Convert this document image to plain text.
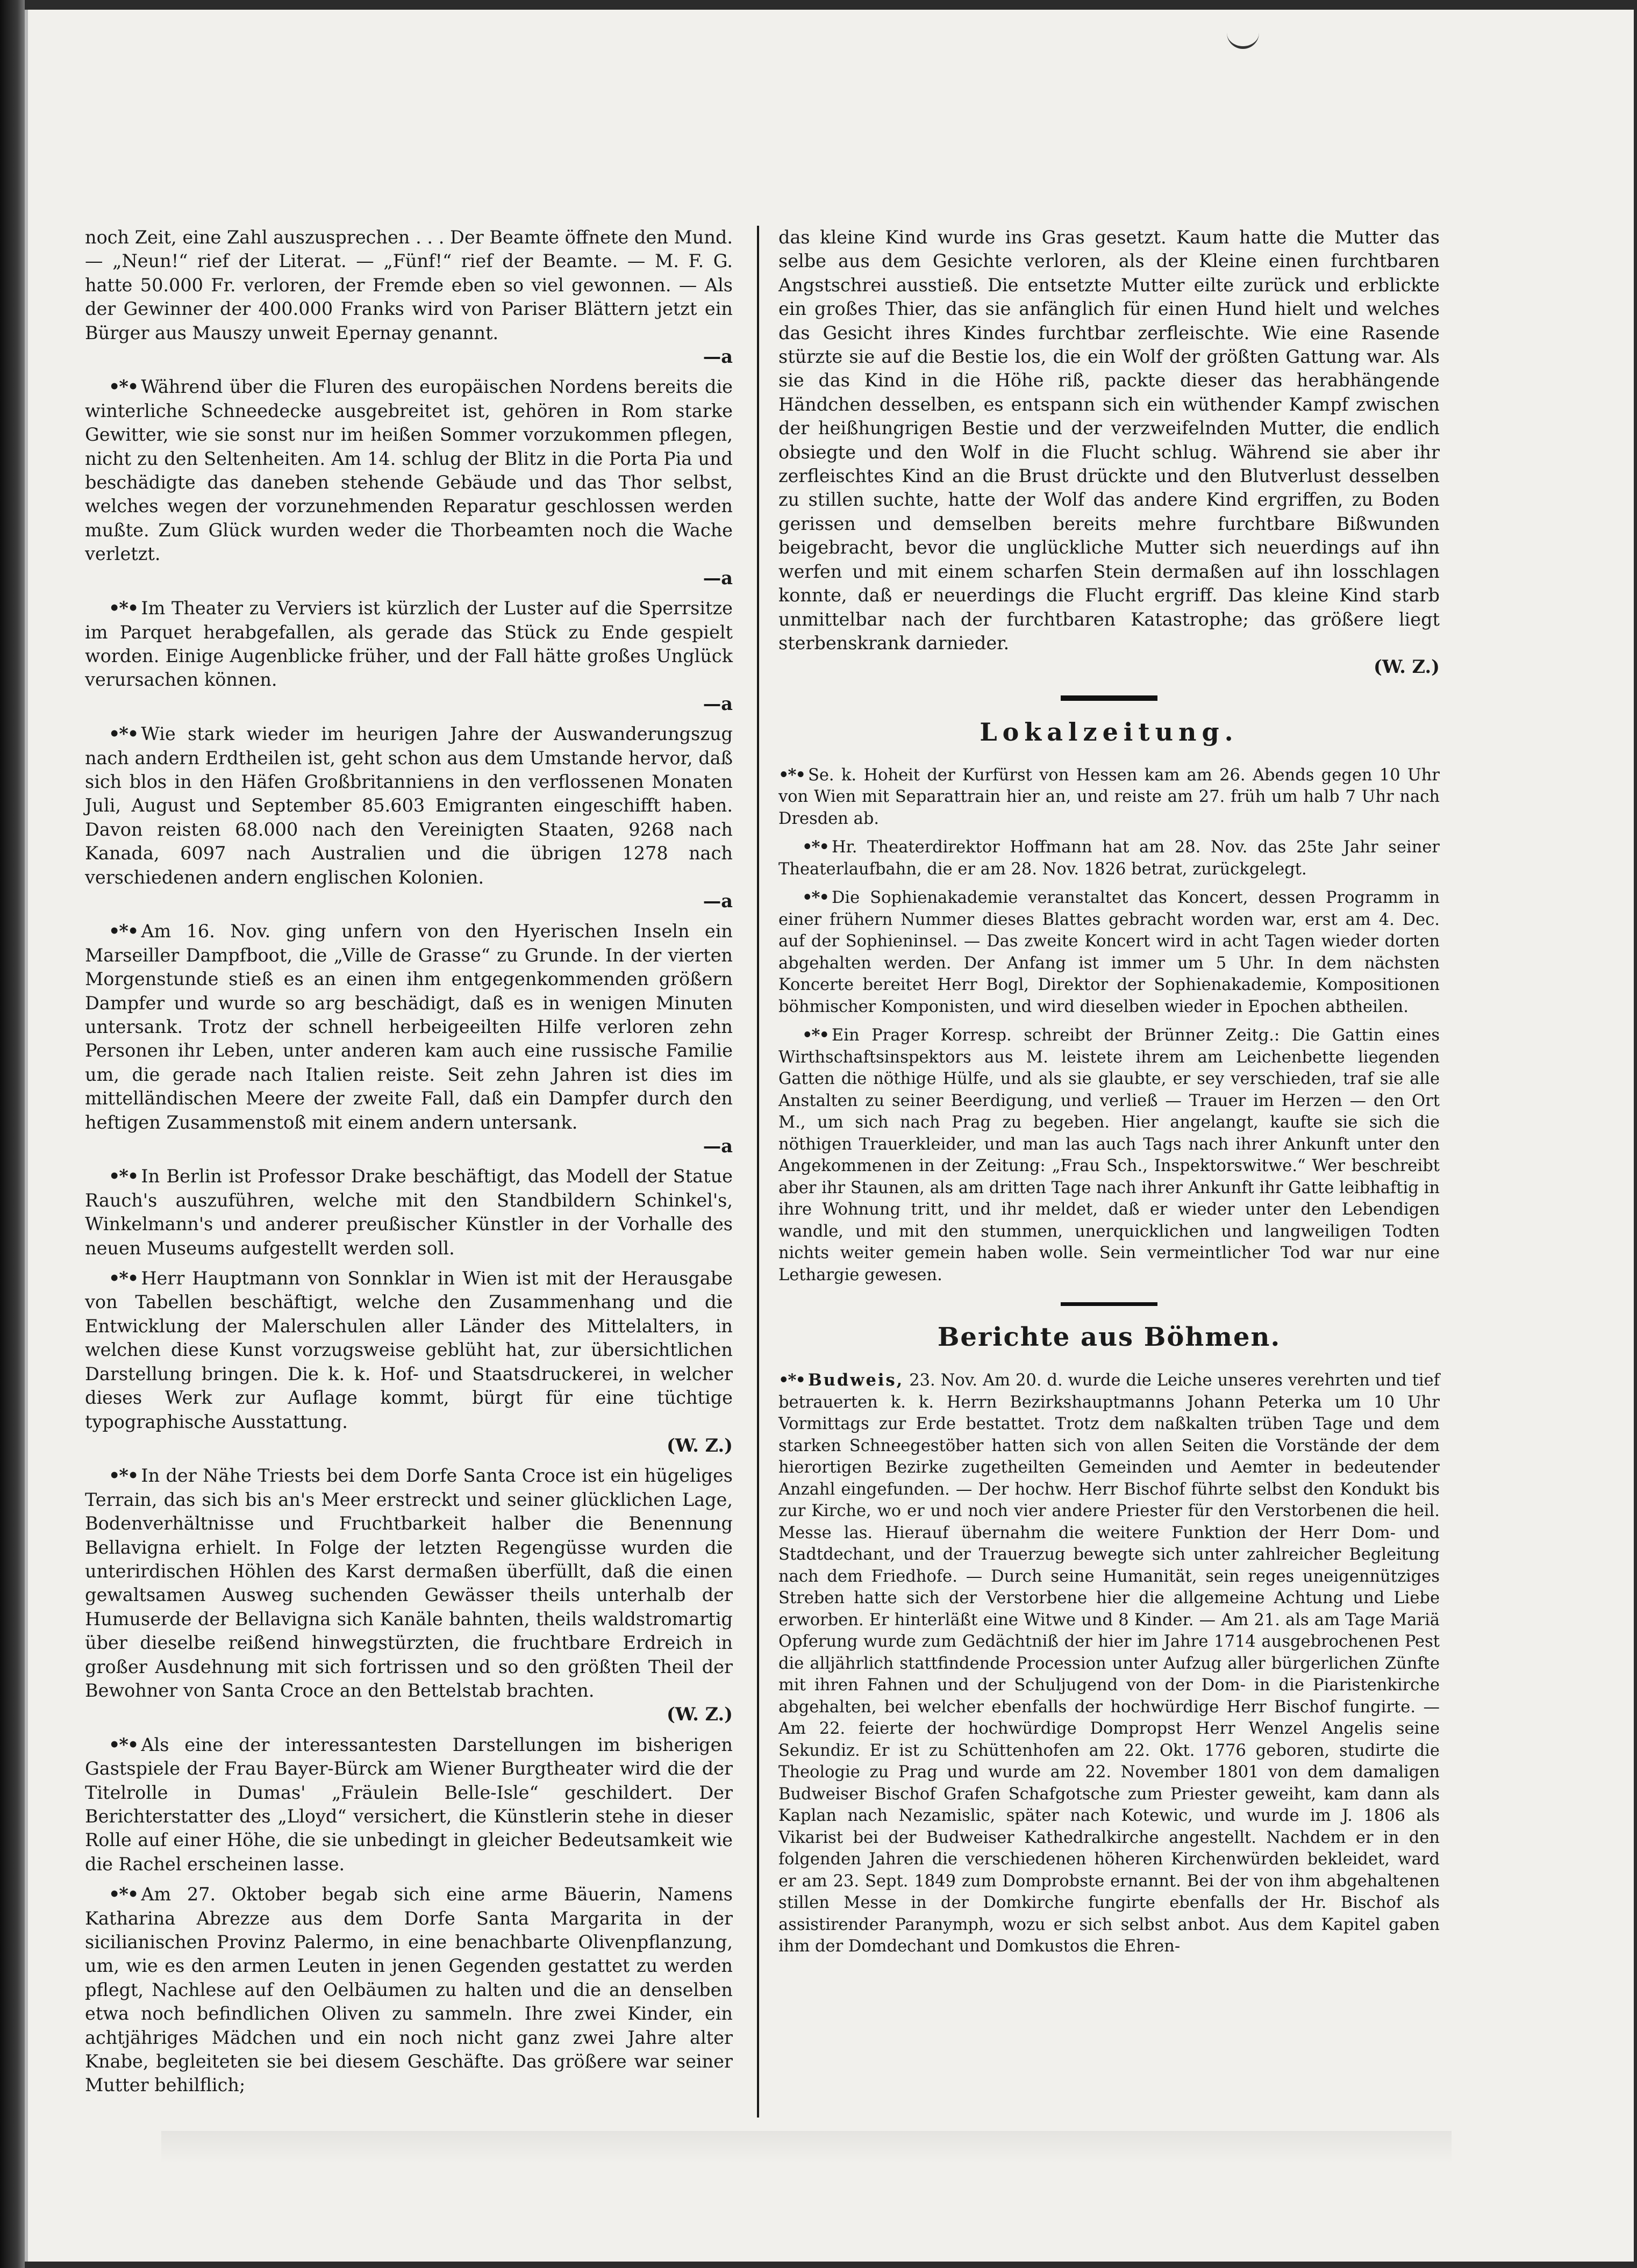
noch Zeit, eine Zahl auszusprechen . . . Der Beamte öffnete den Mund. — „Neun!“ rief der Literat. — „Fünf!“ rief der Beamte. — M. F. G. hatte 50.000 Fr. verloren, der Fremde eben so viel gewonnen. — Als der Gewinner der 400.000 Franks wird von Pariser Blättern jetzt ein Bürger aus Mauszy unweit Epernay genannt.
—a
•*• Während über die Fluren des europäischen Nordens bereits die winterliche Schneedecke ausgebreitet ist, gehören in Rom starke Gewitter, wie sie sonst nur im heißen Sommer vorzukommen pflegen, nicht zu den Seltenheiten. Am 14. schlug der Blitz in die Porta Pia und beschädigte das daneben stehende Gebäude und das Thor selbst, welches wegen der vorzunehmenden Reparatur geschlossen werden mußte. Zum Glück wurden weder die Thorbeamten noch die Wache verletzt.
—a
•*• Im Theater zu Verviers ist kürzlich der Luster auf die Sperrsitze im Parquet herabgefallen, als gerade das Stück zu Ende gespielt worden. Einige Augenblicke früher, und der Fall hätte großes Unglück verursachen können.
—a
•*• Wie stark wieder im heurigen Jahre der Auswanderungszug nach andern Erdtheilen ist, geht schon aus dem Umstande hervor, daß sich blos in den Häfen Großbritanniens in den verflossenen Monaten Juli, August und September 85.603 Emigranten eingeschifft haben. Davon reisten 68.000 nach den Vereinigten Staaten, 9268 nach Kanada, 6097 nach Australien und die übrigen 1278 nach verschiedenen andern englischen Kolonien.
—a
•*• Am 16. Nov. ging unfern von den Hyerischen Inseln ein Marseiller Dampfboot, die „Ville de Grasse“ zu Grunde. In der vierten Morgenstunde stieß es an einen ihm entgegenkommenden größern Dampfer und wurde so arg beschädigt, daß es in wenigen Minuten untersank. Trotz der schnell herbeigeeilten Hilfe verloren zehn Personen ihr Leben, unter anderen kam auch eine russische Familie um, die gerade nach Italien reiste. Seit zehn Jahren ist dies im mittelländischen Meere der zweite Fall, daß ein Dampfer durch den heftigen Zusammenstoß mit einem andern untersank.
—a
•*• In Berlin ist Professor Drake beschäftigt, das Modell der Statue Rauch's auszuführen, welche mit den Standbildern Schinkel's, Winkelmann's und anderer preußischer Künstler in der Vorhalle des neuen Museums aufgestellt werden soll.
•*• Herr Hauptmann von Sonnklar in Wien ist mit der Herausgabe von Tabellen beschäftigt, welche den Zusammenhang und die Entwicklung der Malerschulen aller Länder des Mittelalters, in welchen diese Kunst vorzugsweise geblüht hat, zur übersichtlichen Darstellung bringen. Die k. k. Hof- und Staatsdruckerei, in welcher dieses Werk zur Auflage kommt, bürgt für eine tüchtige typographische Ausstattung.
(W. Z.)
•*• In der Nähe Triests bei dem Dorfe Santa Croce ist ein hügeliges Terrain, das sich bis an's Meer erstreckt und seiner glücklichen Lage, Bodenverhältnisse und Fruchtbarkeit halber die Benennung Bellavigna erhielt. In Folge der letzten Regengüsse wurden die unterirdischen Höhlen des Karst dermaßen überfüllt, daß die einen gewaltsamen Ausweg suchenden Gewässer theils unterhalb der Humuserde der Bellavigna sich Kanäle bahnten, theils waldstromartig über dieselbe reißend hinwegstürzten, die fruchtbare Erdreich in großer Ausdehnung mit sich fortrissen und so den größten Theil der Bewohner von Santa Croce an den Bettelstab brachten.
(W. Z.)
•*• Als eine der interessantesten Darstellungen im bisherigen Gastspiele der Frau Bayer-Bürck am Wiener Burgtheater wird die der Titelrolle in Dumas' „Fräulein Belle-Isle“ geschildert. Der Berichterstatter des „Lloyd“ versichert, die Künstlerin stehe in dieser Rolle auf einer Höhe, die sie unbedingt in gleicher Bedeutsamkeit wie die Rachel erscheinen lasse.
•*• Am 27. Oktober begab sich eine arme Bäuerin, Namens Katharina Abrezze aus dem Dorfe Santa Margarita in der sicilianischen Provinz Palermo, in eine benachbarte Olivenpflanzung, um, wie es den armen Leuten in jenen Gegenden gestattet zu werden pflegt, Nachlese auf den Oelbäumen zu halten und die an denselben etwa noch befindlichen Oliven zu sammeln. Ihre zwei Kinder, ein achtjähriges Mädchen und ein noch nicht ganz zwei Jahre alter Knabe, begleiteten sie bei diesem Geschäfte. Das größere war seiner Mutter behilflich;
das kleine Kind wurde ins Gras gesetzt. Kaum hatte die Mutter das selbe aus dem Gesichte verloren, als der Kleine einen furchtbaren Angstschrei ausstieß. Die entsetzte Mutter eilte zurück und erblickte ein großes Thier, das sie anfänglich für einen Hund hielt und welches das Gesicht ihres Kindes furchtbar zerfleischte. Wie eine Rasende stürzte sie auf die Bestie los, die ein Wolf der größten Gattung war. Als sie das Kind in die Höhe riß, packte dieser das herabhängende Händchen desselben, es entspann sich ein wüthender Kampf zwischen der heißhungrigen Bestie und der verzweifelnden Mutter, die endlich obsiegte und den Wolf in die Flucht schlug. Während sie aber ihr zerfleischtes Kind an die Brust drückte und den Blutverlust desselben zu stillen suchte, hatte der Wolf das andere Kind ergriffen, zu Boden gerissen und demselben bereits mehre furchtbare Bißwunden beigebracht, bevor die unglückliche Mutter sich neuerdings auf ihn werfen und mit einem scharfen Stein dermaßen auf ihn losschlagen konnte, daß er neuerdings die Flucht ergriff. Das kleine Kind starb unmittelbar nach der furchtbaren Katastrophe; das größere liegt sterbenskrank darnieder.
(W. Z.)
Lokalzeitung.
•*• Se. k. Hoheit der Kurfürst von Hessen kam am 26. Abends gegen 10 Uhr von Wien mit Separattrain hier an, und reiste am 27. früh um halb 7 Uhr nach Dresden ab.
•*• Hr. Theaterdirektor Hoffmann hat am 28. Nov. das 25te Jahr seiner Theaterlaufbahn, die er am 28. Nov. 1826 betrat, zurückgelegt.
•*• Die Sophienakademie veranstaltet das Koncert, dessen Programm in einer frühern Nummer dieses Blattes gebracht worden war, erst am 4. Dec. auf der Sophieninsel. — Das zweite Koncert wird in acht Tagen wieder dorten abgehalten werden. Der Anfang ist immer um 5 Uhr. In dem nächsten Koncerte bereitet Herr Bogl, Direktor der Sophienakademie, Kompositionen böhmischer Komponisten, und wird dieselben wieder in Epochen abtheilen.
•*• Ein Prager Korresp. schreibt der Brünner Zeitg.: Die Gattin eines Wirthschaftsinspektors aus M. leistete ihrem am Leichenbette liegenden Gatten die nöthige Hülfe, und als sie glaubte, er sey verschieden, traf sie alle Anstalten zu seiner Beerdigung, und verließ — Trauer im Herzen — den Ort M., um sich nach Prag zu begeben. Hier angelangt, kaufte sie sich die nöthigen Trauerkleider, und man las auch Tags nach ihrer Ankunft unter den Angekommenen in der Zeitung: „Frau Sch., Inspektorswitwe.“ Wer beschreibt aber ihr Staunen, als am dritten Tage nach ihrer Ankunft ihr Gatte leibhaftig in ihre Wohnung tritt, und ihr meldet, daß er wieder unter den Lebendigen wandle, und mit den stummen, unerquicklichen und langweiligen Todten nichts weiter gemein haben wolle. Sein vermeintlicher Tod war nur eine Lethargie gewesen.
Berichte aus Böhmen.
•*• Budweis, 23. Nov. Am 20. d. wurde die Leiche unseres verehrten und tief betrauerten k. k. Herrn Bezirkshauptmanns Johann Peterka um 10 Uhr Vormittags zur Erde bestattet. Trotz dem naßkalten trüben Tage und dem starken Schneegestöber hatten sich von allen Seiten die Vorstände der dem hierortigen Bezirke zugetheilten Gemeinden und Aemter in bedeutender Anzahl eingefunden. — Der hochw. Herr Bischof führte selbst den Kondukt bis zur Kirche, wo er und noch vier andere Priester für den Verstorbenen die heil. Messe las. Hierauf übernahm die weitere Funktion der Herr Dom- und Stadtdechant, und der Trauerzug bewegte sich unter zahlreicher Begleitung nach dem Friedhofe. — Durch seine Humanität, sein reges uneigennütziges Streben hatte sich der Verstorbene hier die allgemeine Achtung und Liebe erworben. Er hinterläßt eine Witwe und 8 Kinder. — Am 21. als am Tage Mariä Opferung wurde zum Gedächtniß der hier im Jahre 1714 ausgebrochenen Pest die alljährlich stattfindende Procession unter Aufzug aller bürgerlichen Zünfte mit ihren Fahnen und der Schuljugend von der Dom- in die Piaristenkirche abgehalten, bei welcher ebenfalls der hochwürdige Herr Bischof fungirte. — Am 22. feierte der hochwürdige Dompropst Herr Wenzel Angelis seine Sekundiz. Er ist zu Schüttenhofen am 22. Okt. 1776 geboren, studirte die Theologie zu Prag und wurde am 22. November 1801 von dem damaligen Budweiser Bischof Grafen Schafgotsche zum Priester geweiht, kam dann als Kaplan nach Nezamislic, später nach Kotewic, und wurde im J. 1806 als Vikarist bei der Budweiser Kathedralkirche angestellt. Nachdem er in den folgenden Jahren die verschiedenen höheren Kirchenwürden bekleidet, ward er am 23. Sept. 1849 zum Domprobste ernannt. Bei der von ihm abgehaltenen stillen Messe in der Domkirche fungirte ebenfalls der Hr. Bischof als assistirender Paranymph, wozu er sich selbst anbot. Aus dem Kapitel gaben ihm der Domdechant und Domkustos die Ehren-
